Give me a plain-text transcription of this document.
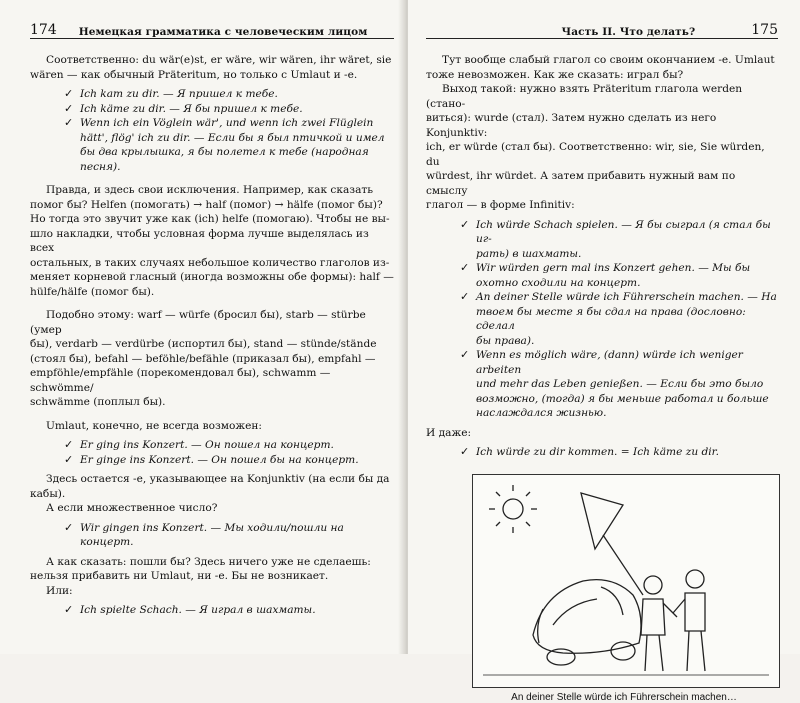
174 Немецкая грамматика с человеческим лицом

Соответственно: du wär(e)st, er wäre, wir wären, ihr wäret, sie

wären — как обычный Präteritum, но только с Umlaut и -e.

✓ Ich kam zu dir. — Я пришел к тебе.
✓ Ich käme zu dir. — Я бы пришел к тебе.
✓ Wenn ich ein Vöglein wär', und wenn ich zwei Flüglein
hätt', flög' ich zu dir. — Если бы я был птичкой и имел
бы два крылышка, я бы полетел к тебе (народная
песня).

Правда, и здесь свои исключения. Например, как сказать

помог бы? Helfen (помогать) → half (помог) → hälfe (помог бы)?

Но тогда это звучит уже как (ich) helfe (помогаю). Чтобы не вы-

шло накладки, чтобы условная форма лучше выделялась из всех

остальных, в таких случаях небольшое количество глаголов из-

меняет корневой гласный (иногда возможны обе формы): half —

hülfe/hälfe (помог бы).

Подобно этому: warf — würfe (бросил бы), starb — stürbe (умер

бы), verdarb — verdürbe (испортил бы), stand — stünde/stände

(стоял бы), befahl — beföhle/befähle (приказал бы), empfahl —

empföhle/empfähle (порекомендовал бы), schwamm — schwömme/

schwämme (поплыл бы).

Umlaut, конечно, не всегда возможен:

✓ Er ging ins Konzert. — Он пошел на концерт.
✓ Er ginge ins Konzert. — Он пошел бы на концерт.

Здесь остается -e, указывающее на Konjunktiv (на если бы да

кабы).

А если множественное число?

✓ Wir gingen ins Konzert. — Мы ходили/пошли на концерт.

А как сказать: пошли бы? Здесь ничего уже не сделаешь:

нельзя прибавить ни Umlaut, ни -e. Бы не возникает.

Или:

✓ Ich spielte Schach. — Я играл в шахматы.
Часть II. Что делать?	175

Тут вообще слабый глагол со своим окончанием -e. Umlaut

тоже невозможен. Как же сказать: играл бы?

Выход такой: нужно взять Präteritum глагола werden (стано-

виться): wurde (стал). Затем нужно сделать из него Konjunktiv:

ich, er würde (стал бы). Соответственно: wir, sie, Sie würden, du

würdest, ihr würdet. А затем прибавить нужный вам по смыслу

глагол — в форме Infinitiv:

✓ Ich würde Schach spielen. — Я бы сыграл (я стал бы иг-
рать) в шахматы.
✓ Wir würden gern mal ins Konzert gehen. — Мы бы
охотно сходили на концерт.
✓ An deiner Stelle würde ich Führerschein machen. — На
твоем бы месте я бы сдал на права (дословно: сделал
бы права).
✓ Wenn es möglich wäre, (dann) würde ich weniger arbeiten
und mehr das Leben genießen. — Если бы это было
возможно, (тогда) я бы меньше работал и больше
наслаждался жизнью.

И даже:

✓ Ich würde zu dir kommen. = Ich käme zu dir.
An deiner Stelle würde ich Führerschein machen…
